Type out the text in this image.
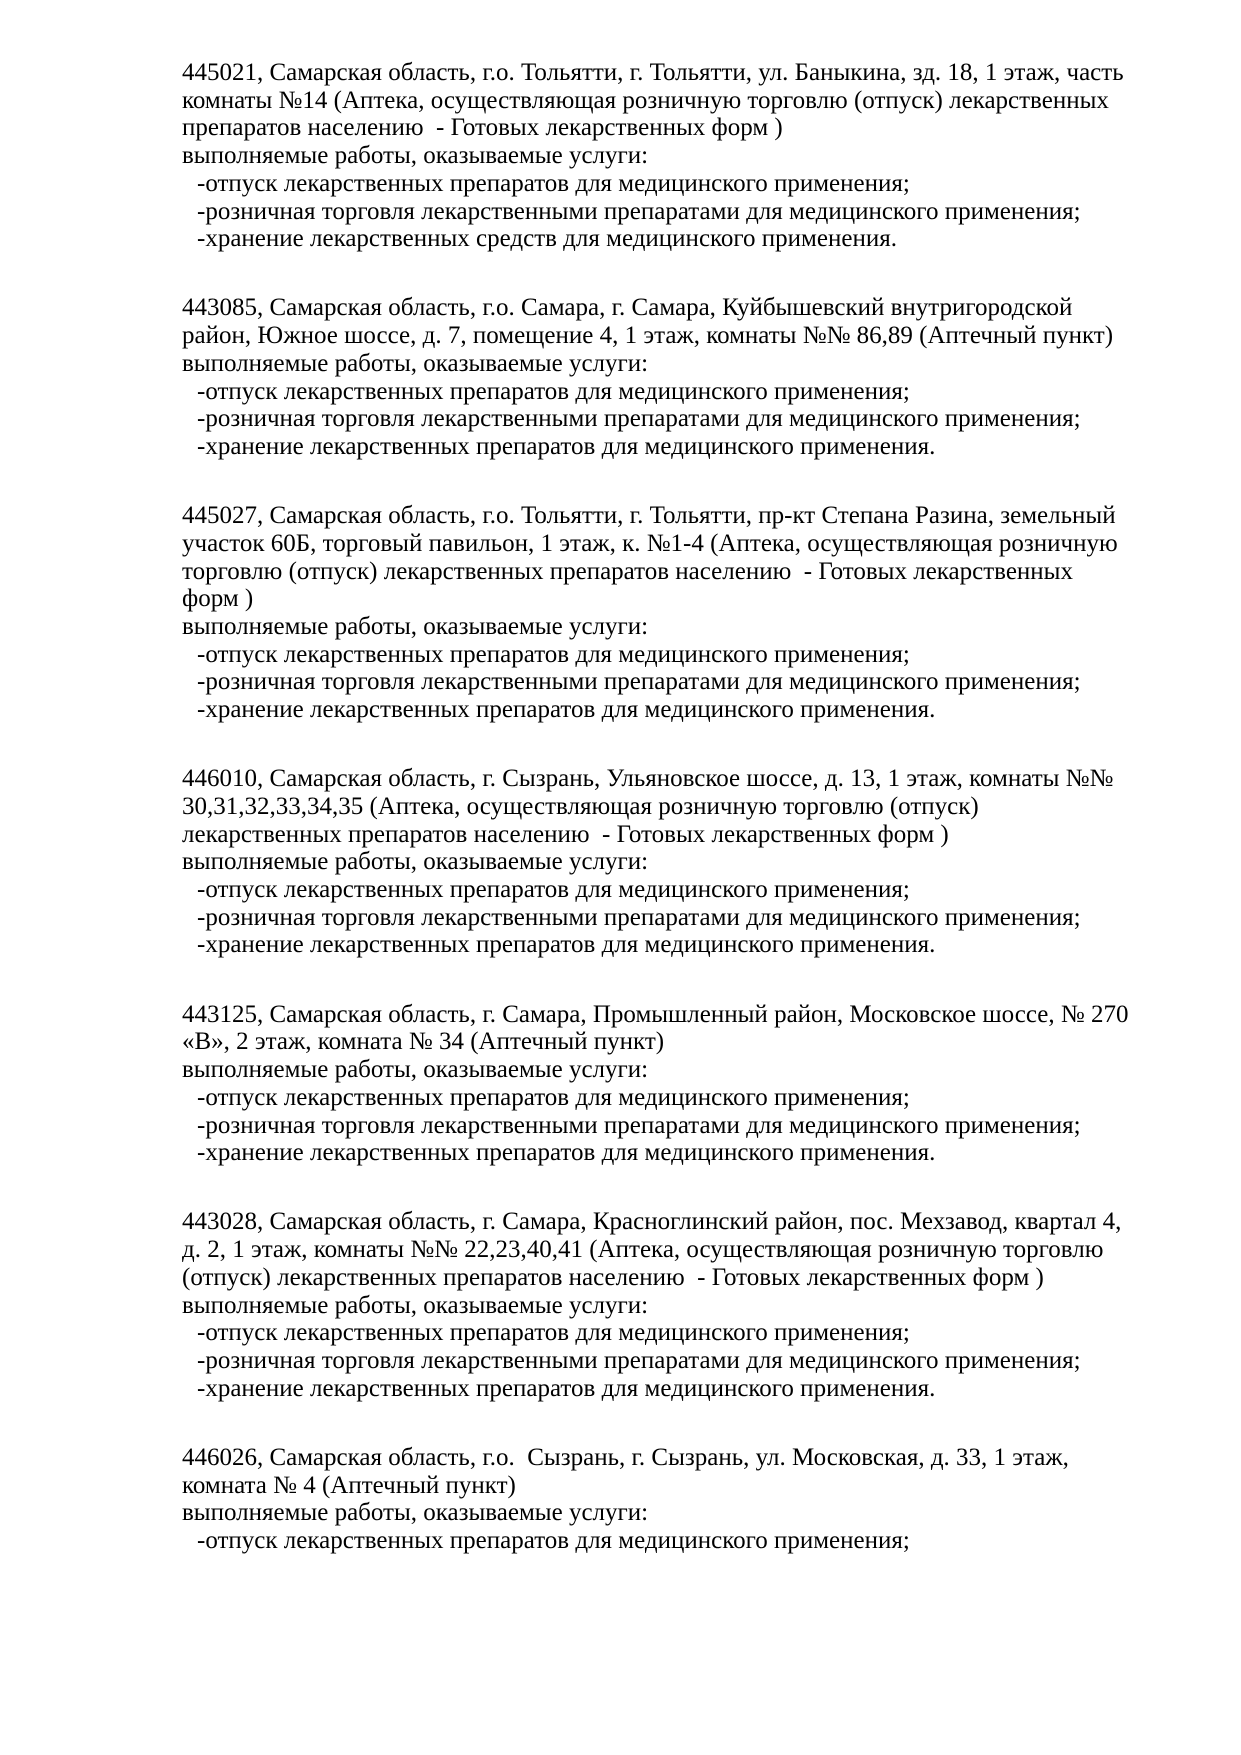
445021, Самарская область, г.о. Тольятти, г. Тольятти, ул. Баныкина, зд. 18, 1 этаж, часть
комнаты №14 (Аптека, осуществляющая розничную торговлю (отпуск) лекарственных
препаратов населению  - Готовых лекарственных форм )
выполняемые работы, оказываемые услуги:
-отпуск лекарственных препаратов для медицинского применения;
-розничная торговля лекарственными препаратами для медицинского применения;
-хранение лекарственных средств для медицинского применения.
443085, Самарская область, г.о. Самара, г. Самара, Куйбышевский внутригородской
район, Южное шоссе, д. 7, помещение 4, 1 этаж, комнаты №№ 86,89 (Аптечный пункт)
выполняемые работы, оказываемые услуги:
-отпуск лекарственных препаратов для медицинского применения;
-розничная торговля лекарственными препаратами для медицинского применения;
-хранение лекарственных препаратов для медицинского применения.
445027, Самарская область, г.о. Тольятти, г. Тольятти, пр-кт Степана Разина, земельный
участок 60Б, торговый павильон, 1 этаж, к. №1-4 (Аптека, осуществляющая розничную
торговлю (отпуск) лекарственных препаратов населению  - Готовых лекарственных
форм )
выполняемые работы, оказываемые услуги:
-отпуск лекарственных препаратов для медицинского применения;
-розничная торговля лекарственными препаратами для медицинского применения;
-хранение лекарственных препаратов для медицинского применения.
446010, Самарская область, г. Сызрань, Ульяновское шоссе, д. 13, 1 этаж, комнаты №№
30,31,32,33,34,35 (Аптека, осуществляющая розничную торговлю (отпуск)
лекарственных препаратов населению  - Готовых лекарственных форм )
выполняемые работы, оказываемые услуги:
-отпуск лекарственных препаратов для медицинского применения;
-розничная торговля лекарственными препаратами для медицинского применения;
-хранение лекарственных препаратов для медицинского применения.
443125, Самарская область, г. Самара, Промышленный район, Московское шоссе, № 270
«В», 2 этаж, комната № 34 (Аптечный пункт)
выполняемые работы, оказываемые услуги:
-отпуск лекарственных препаратов для медицинского применения;
-розничная торговля лекарственными препаратами для медицинского применения;
-хранение лекарственных препаратов для медицинского применения.
443028, Самарская область, г. Самара, Красноглинский район, пос. Мехзавод, квартал 4,
д. 2, 1 этаж, комнаты №№ 22,23,40,41 (Аптека, осуществляющая розничную торговлю
(отпуск) лекарственных препаратов населению  - Готовых лекарственных форм )
выполняемые работы, оказываемые услуги:
-отпуск лекарственных препаратов для медицинского применения;
-розничная торговля лекарственными препаратами для медицинского применения;
-хранение лекарственных препаратов для медицинского применения.
446026, Самарская область, г.о.  Сызрань, г. Сызрань, ул. Московская, д. 33, 1 этаж,
комната № 4 (Аптечный пункт)
выполняемые работы, оказываемые услуги:
-отпуск лекарственных препаратов для медицинского применения;
